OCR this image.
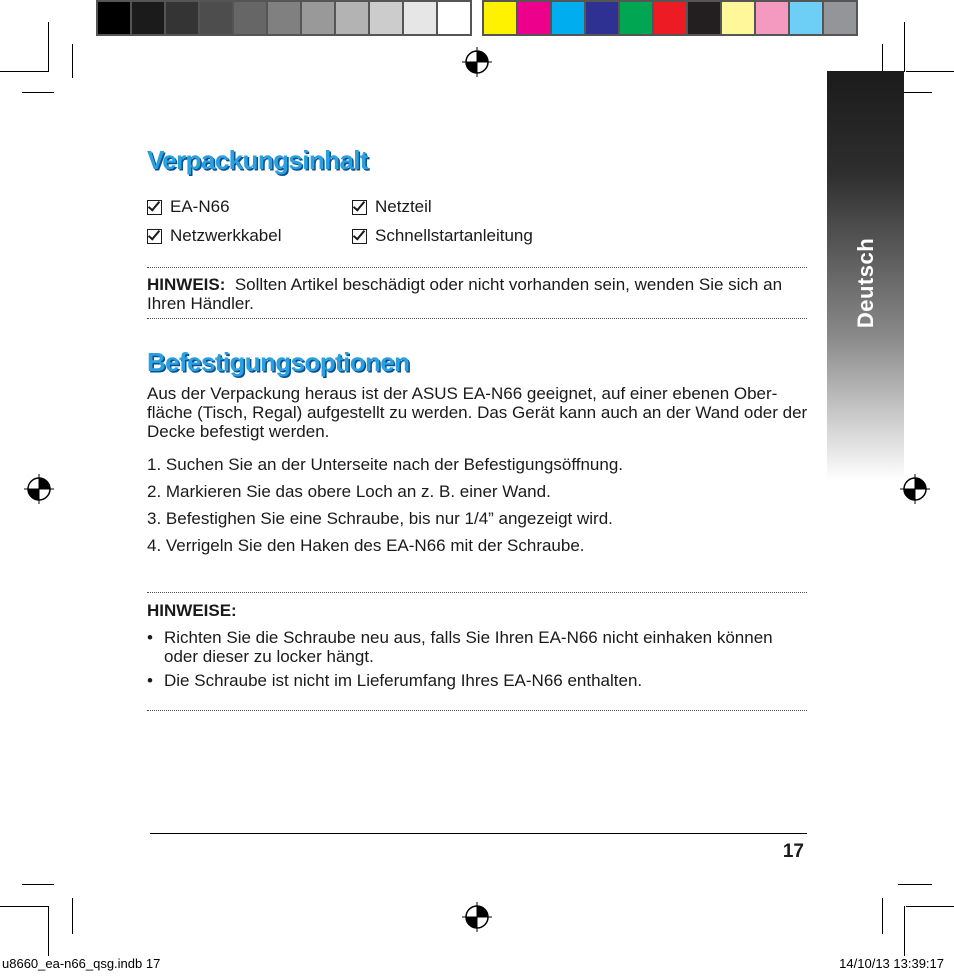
Deutsch
Verpackungsinhalt
EA-N66	Netzteil
Netzwerkkabel	Schnellstartanleitung

HINWEIS: Sollten Artikel beschädigt oder nicht vorhanden sein, wenden Sie sich an Ihren Händler.

Befestigungsoptionen

Aus der Verpackung heraus ist der ASUS EA-N66 geeignet, auf einer ebenen Ober-fläche (Tisch, Regal) aufgestellt zu werden. Das Gerät kann auch an der Wand oder der Decke befestigt werden.

1. Suchen Sie an der Unterseite nach der Befestigungsöffnung.
2. Markieren Sie das obere Loch an z. B. einer Wand.
3. Befestighen Sie eine Schraube, bis nur 1/4” angezeigt wird.
4. Verrigeln Sie den Haken des EA-N66 mit der Schraube.
HINWEISE:
• Richten Sie die Schraube neu aus, falls Sie Ihren EA-N66 nicht einhaken können oder dieser zu locker hängt.
• Die Schraube ist nicht im Lieferumfang Ihres EA-N66 enthalten.
17
u8660_ea-n66_qsg.indb 17	14/10/13 13:39:17
